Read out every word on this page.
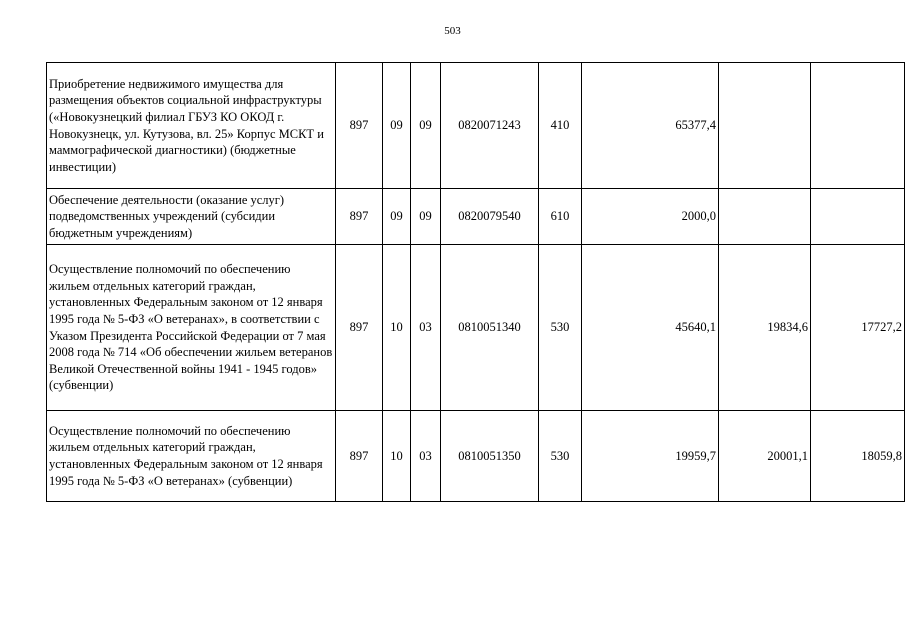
503
Приобретение недвижимого имущества для размещения объектов социальной инфраструктуры («Новокузнецкий филиал ГБУЗ КО ОКОД г. Новокузнецк, ул. Кутузова, вл. 25» Корпус МСКТ и маммографической диагностики) (бюджетные инвестиции)	897	09	09	0820071243	410	65377,4		
Обеспечение деятельности (оказание услуг) подведомственных учреждений (субсидии бюджетным учреждениям)	897	09	09	0820079540	610	2000,0		
Осуществление полномочий по обеспечению жильем отдельных категорий граждан, установленных Федеральным законом от 12 января 1995 года № 5-ФЗ «О ветеранах», в соответствии с Указом Президента Российской Федерации от 7 мая 2008 года № 714 «Об обеспечении жильем ветеранов Великой Отечественной войны 1941 - 1945 годов» (субвенции)	897	10	03	0810051340	530	45640,1	19834,6	17727,2
Осуществление полномочий по обеспечению жильем отдельных категорий граждан, установленных Федеральным законом от 12 января 1995 года № 5-ФЗ «О ветеранах» (субвенции)	897	10	03	0810051350	530	19959,7	20001,1	18059,8
